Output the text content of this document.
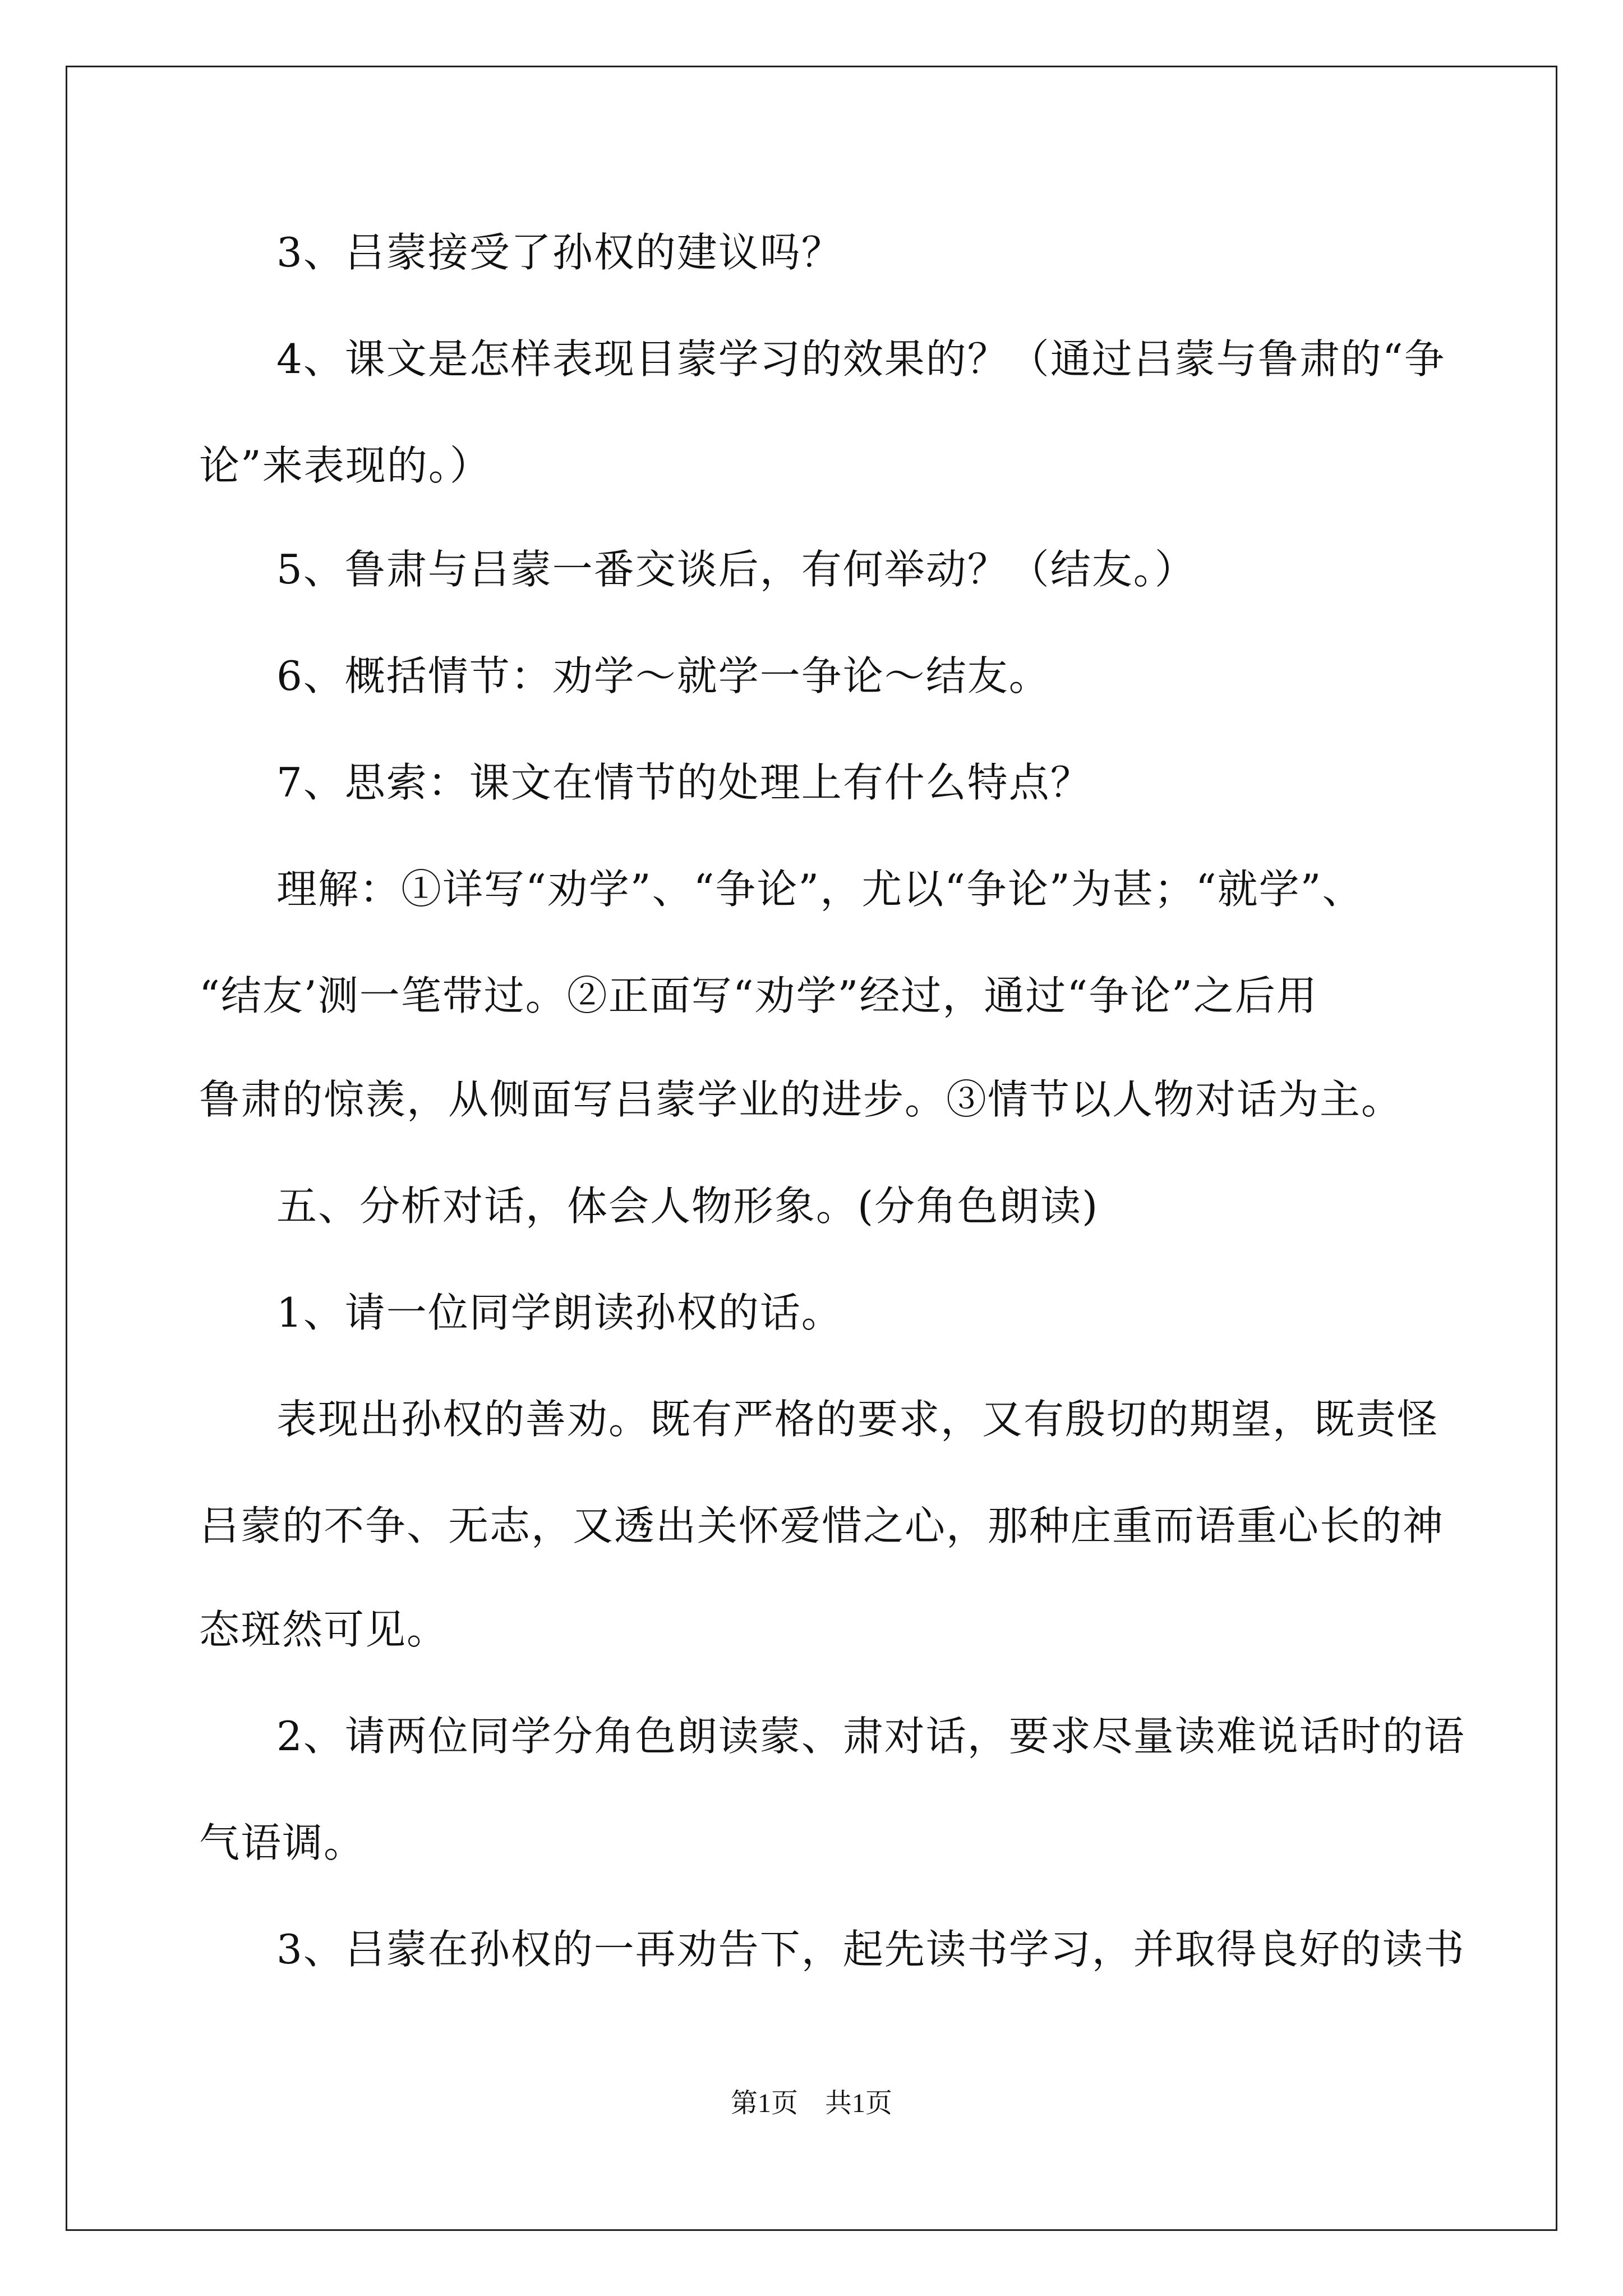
3、吕蒙接受了孙权的建议吗？
4、课文是怎样表现目蒙学习的效果的？（通过吕蒙与鲁肃的“争
论”来表现的。）
5、鲁肃与吕蒙一番交谈后，有何举动？（结友。）
6、概括情节：劝学～就学一争论～结友。
7、思索：课文在情节的处理上有什么特点？
理解：①详写“劝学”、“争论”，尤以“争论”为甚；“就学”、
“结友’测一笔带过。②正面写“劝学”经过，通过“争论”之后用
鲁肃的惊羡，从侧面写吕蒙学业的进步。③情节以人物对话为主。
五、分析对话，体会人物形象。(分角色朗读)
1、请一位同学朗读孙权的话。
表现出孙权的善劝。既有严格的要求，又有殷切的期望，既责怪
吕蒙的不争、无志，又透出关怀爱惜之心，那种庄重而语重心长的神
态斑然可见。
2、请两位同学分角色朗读蒙、肃对话，要求尽量读难说话时的语
气语调。
3、吕蒙在孙权的一再劝告下，起先读书学习，并取得良好的读书
第1页　共1页
